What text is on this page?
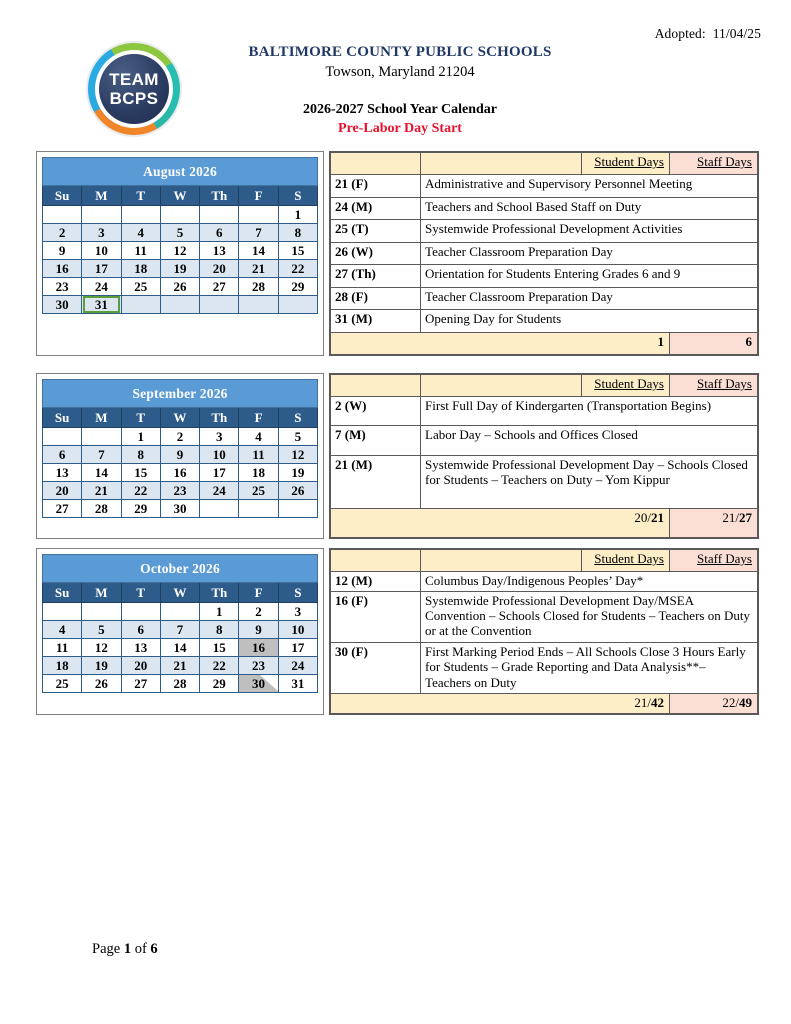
Adopted:  11/04/25
TEAM
BCPS
BALTIMORE COUNTY PUBLIC SCHOOLS
Towson, Maryland 21204
2026-2027 School Year Calendar
Pre-Labor Day Start
August 2026						
Su	M	T	W	Th	F	S
						1
2	3	4	5	6	7	8
9	10	11	12	13	14	15
16	17	18	19	20	21	22
23	24	25	26	27	28	29
30	31					
		Student Days	Staff Days
21 (F)	Administrative and Supervisory Personnel Meeting		
24 (M)	Teachers and School Based Staff on Duty		
25 (T)	Systemwide Professional Development Activities		
26 (W)	Teacher Classroom Preparation Day		
27 (Th)	Orientation for Students Entering Grades 6 and 9		
28 (F)	Teacher Classroom Preparation Day		
31 (M)	Opening Day for Students		
	1		6
September 2026						
Su	M	T	W	Th	F	S
		1	2	3	4	5
6	7	8	9	10	11	12
13	14	15	16	17	18	19
20	21	22	23	24	25	26
27	28	29	30			
		Student Days	Staff Days
2 (W)	First Full Day of Kindergarten (Transportation Begins)		
7 (M)	Labor Day – Schools and Offices Closed		
21 (M)	Systemwide Professional Development Day – Schools Closed for Students – Teachers on Duty – Yom Kippur		
	20/21		21/27
October 2026						
Su	M	T	W	Th	F	S
				1	2	3
4	5	6	7	8	9	10
11	12	13	14	15	16	17
18	19	20	21	22	23	24
25	26	27	28	29	30	31
		Student Days	Staff Days
12 (M)	Columbus Day/Indigenous Peoples’ Day*		
16 (F)	Systemwide Professional Development Day/MSEA Convention – Schools Closed for Students – Teachers on Duty or at the Convention		
30 (F)	First Marking Period Ends – All Schools Close 3 Hours Early for Students – Grade Reporting and Data Analysis**– Teachers on Duty		
	21/42		22/49
Page 1 of 6
